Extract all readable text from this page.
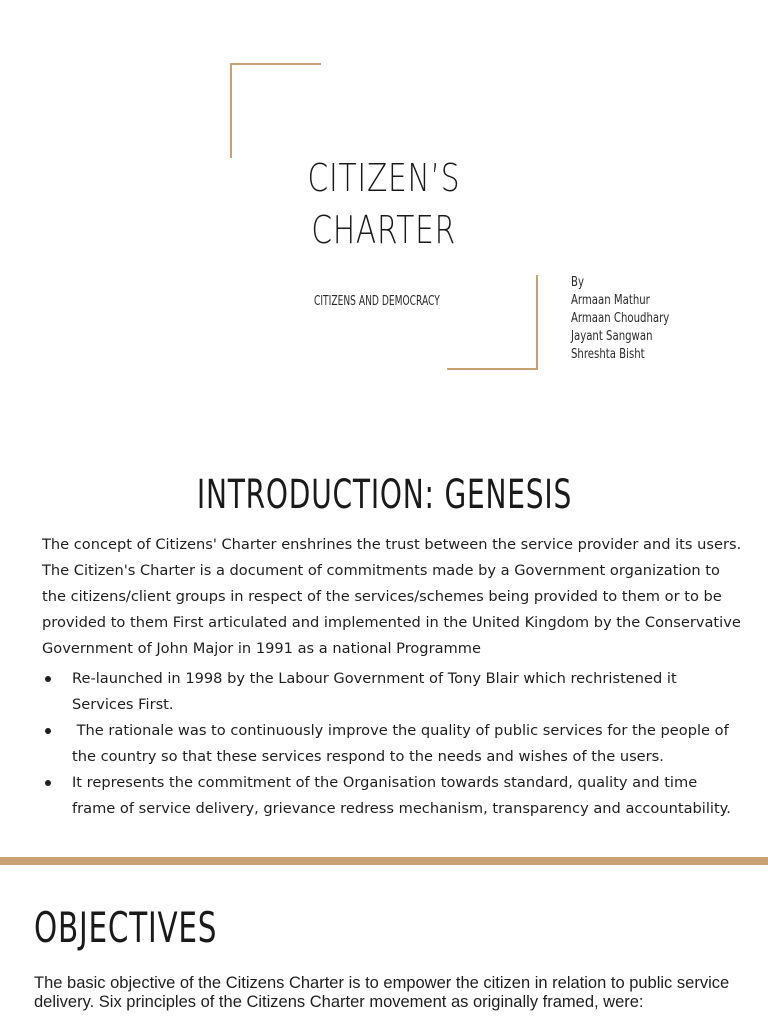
CITIZEN’S
CHARTER
CITIZENS AND DEMOCRACY
By
Armaan Mathur
Armaan Choudhary
Jayant Sangwan
Shreshta Bisht
INTRODUCTION: GENESIS

The concept of Citizens' Charter enshrines the trust between the service provider and its users. The Citizen's Charter is a document of commitments made by a Government organization to the citizens/client groups in respect of the services/schemes being provided to them or to be provided to them First articulated and implemented in the United Kingdom by the Conservative Government of John Major in 1991 as a national Programme

Re-launched in 1998 by the Labour Government of Tony Blair which rechristened it Services First.
The rationale was to continuously improve the quality of public services for the people of the country so that these services respond to the needs and wishes of the users.
It represents the commitment of the Organisation towards standard, quality and time frame of service delivery, grievance redress mechanism, transparency and accountability.
OBJECTIVES

The basic objective of the Citizens Charter is to empower the citizen in relation to public service delivery. Six principles of the Citizens Charter movement as originally framed, were:
